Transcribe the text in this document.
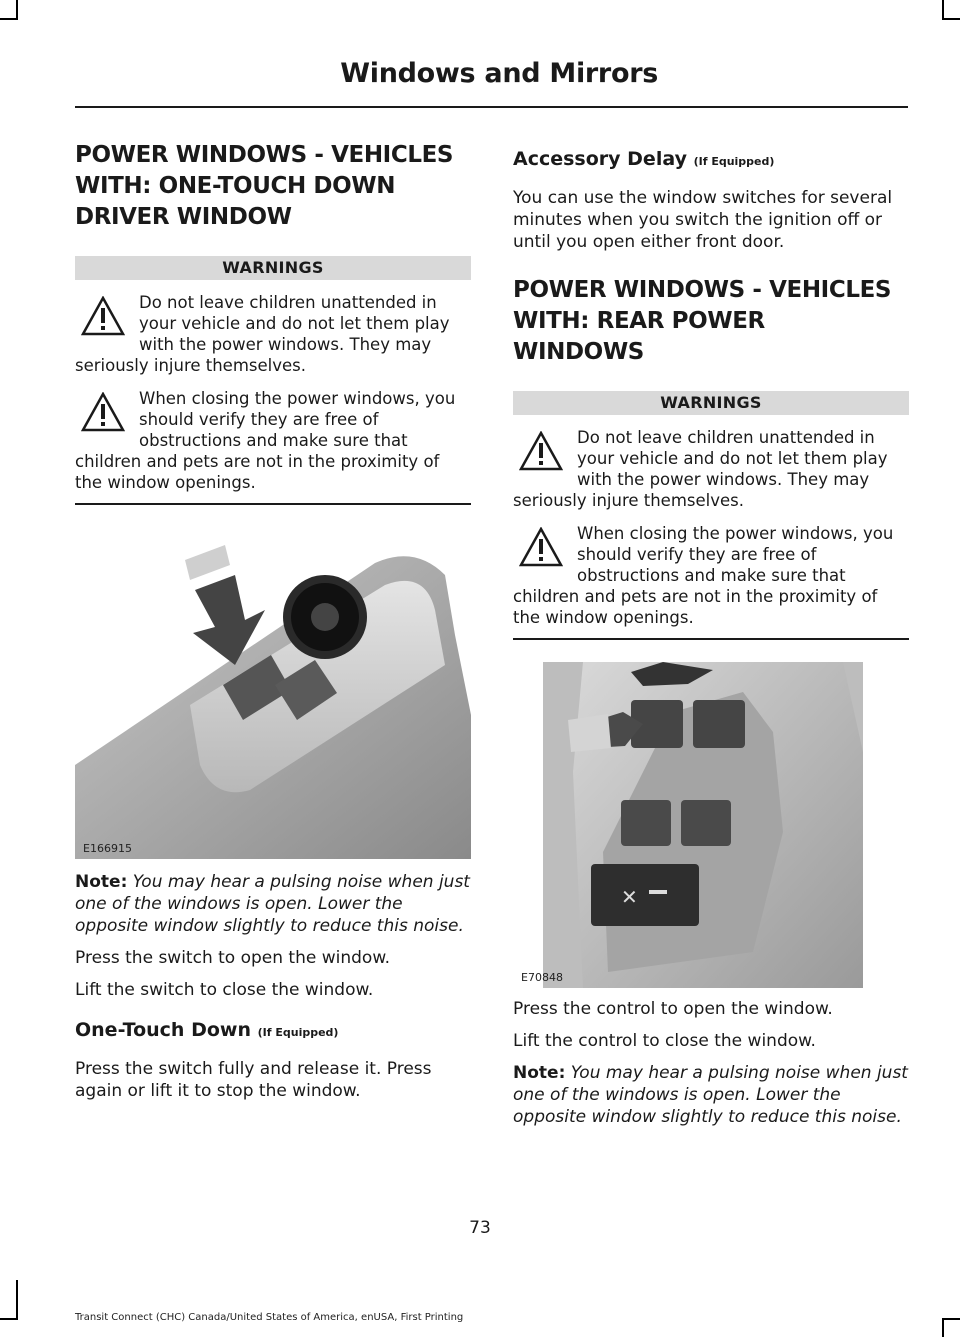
Windows and Mirrors
POWER WINDOWS - VEHICLES
WITH: ONE-TOUCH DOWN
DRIVER WINDOW
WARNINGS
Do not leave children unattended in your vehicle and do not let them play with the power windows. They may seriously injure themselves.
When closing the power windows, you should verify they are free of obstructions and make sure that children and pets are not in the proximity of the window openings.
E166915

Note: You may hear a pulsing noise when just one of the windows is open. Lower the opposite window slightly to reduce this noise.

Press the switch to open the window.

Lift the switch to close the window.

One-Touch Down (If Equipped)

Press the switch fully and release it. Press again or lift it to stop the window.

Accessory Delay (If Equipped)

You can use the window switches for several minutes when you switch the ignition off or until you open either front door.

POWER WINDOWS - VEHICLES
WITH: REAR POWER
WINDOWS
WARNINGS
Do not leave children unattended in your vehicle and do not let them play with the power windows. They may seriously injure themselves.
When closing the power windows, you should verify they are free of obstructions and make sure that children and pets are not in the proximity of the window openings.
✕
E70848

Press the control to open the window.

Lift the control to close the window.

Note: You may hear a pulsing noise when just one of the windows is open. Lower the opposite window slightly to reduce this noise.

73
Transit Connect (CHC) Canada/United States of America, enUSA, First Printing
